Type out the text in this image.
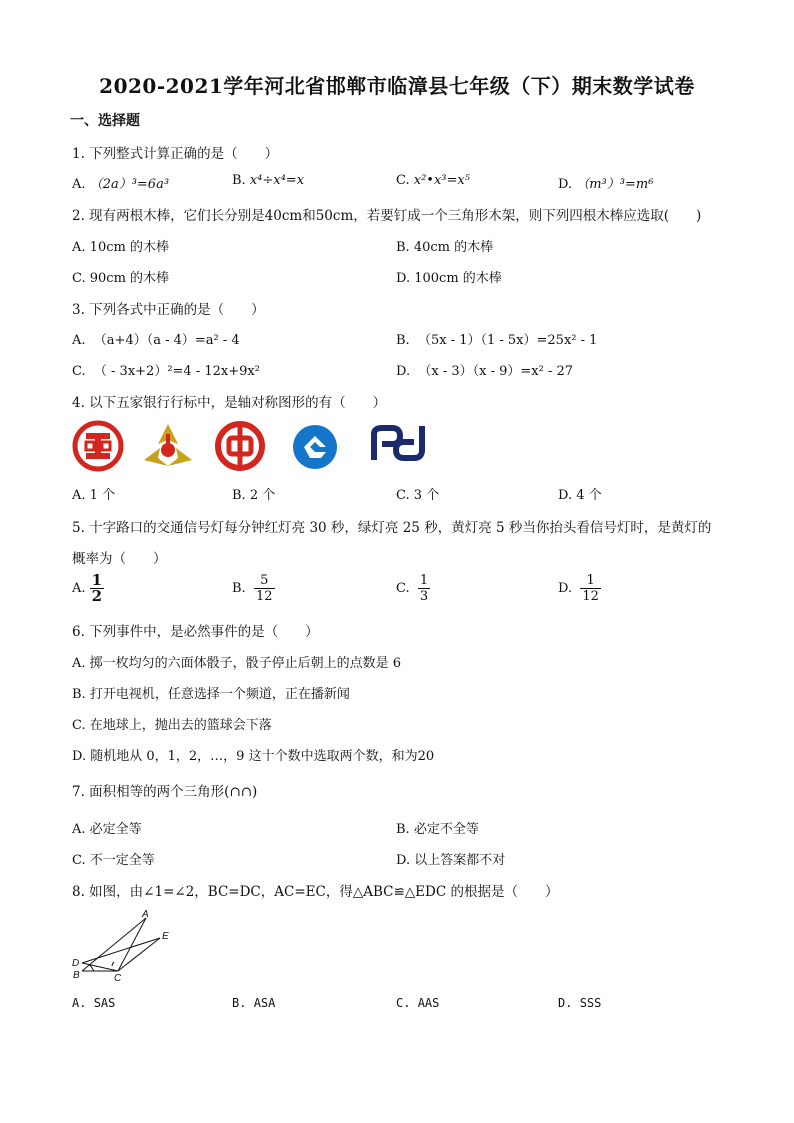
2020-2021学年河北省邯郸市临漳县七年级（下）期末数学试卷
一、选择题
1. 下列整式计算正确的是（　　）
A. （2a）³=6a³	B. x⁴÷x⁴=x	C. x²•x³=x⁵	D. （m³）³=m⁶
2. 现有两根木棒，它们长分别是40cm和50cm，若要钉成一个三角形木架，则下列四根木棒应选取(　　)
A. 10cm 的木棒	B. 40cm 的木棒
C. 90cm 的木棒	D. 100cm 的木棒
3. 下列各式中正确的是（　　）
A. （a+4）（a - 4）=a² - 4	B. （5x - 1）（1 - 5x）=25x² - 1
C. （ - 3x+2）²=4 - 12x+9x²	D. （x - 3）（x - 9）=x² - 27
4. 以下五家银行行标中，是轴对称图形的有（　　）
A. 1 个	B. 2 个	C. 3 个	D. 4 个
5. 十字路口的交通信号灯每分钟红灯亮 30 秒，绿灯亮 25 秒，黄灯亮 5 秒当你抬头看信号灯时，是黄灯的
概率为（　　）
A. $\frac{1}{2}$	B. $\frac{5}{12}$	C. $\frac{1}{3}$	D. $\frac{1}{12}$
6. 下列事件中，是必然事件的是（　　）
A. 掷一枚均匀的六面体骰子，骰子停止后朝上的点数是 6
B. 打开电视机，任意选择一个频道，正在播新闻
C. 在地球上，抛出去的篮球会下落
D. 随机地从 0，1，2，…，9 这十个数中选取两个数，和为20
7. 面积相等的两个三角形(∩∩)
A. 必定全等	B. 必定不全等
C. 不一定全等	D. 以上答案都不对
8. 如图，由∠1=∠2，BC=DC，AC=EC，得△ABC≌△EDC 的根据是（　　）
A
B	C
D
E
A. SAS	B. ASA	C. AAS	D. SSS
